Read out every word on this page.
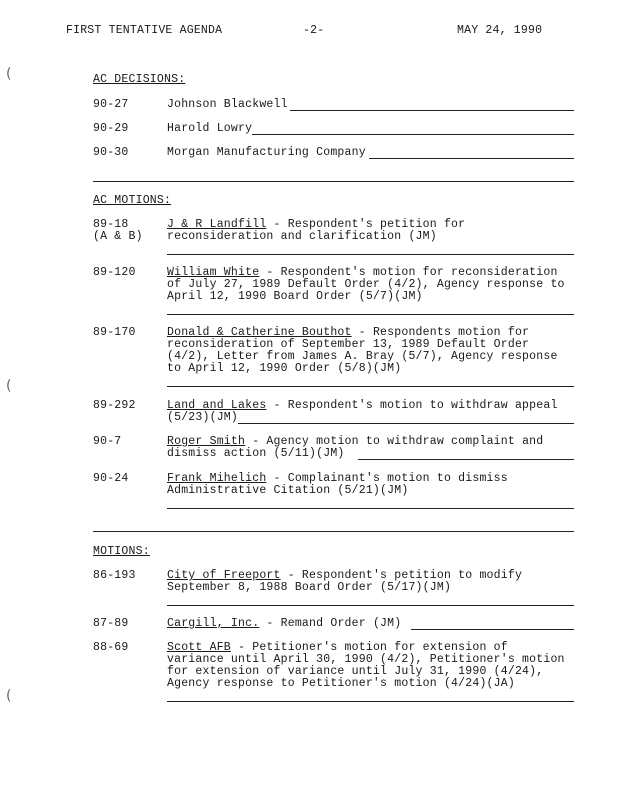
FIRST TENTATIVE AGENDA	-2-	MAY 24, 1990
(
(
(
AC DECISIONS:
90-27	Johnson Blackwell
90-29	Harold Lowry
90-30	Morgan Manufacturing Company
AC MOTIONS:
89-18
(A & B)
J & R Landfill - Respondent's petition for
reconsideration and clarification (JM)
89-120	William White - Respondent's motion for reconsideration
of July 27, 1989 Default Order (4/2), Agency response to
April 12, 1990 Board Order (5/7)(JM)
89-170	Donald & Catherine Bouthot - Respondents motion for
reconsideration of September 13, 1989 Default Order
(4/2), Letter from James A. Bray (5/7), Agency response
to April 12, 1990 Order (5/8)(JM)
89-292	Land and Lakes - Respondent's motion to withdraw appeal
(5/23)(JM)
90-7	Roger Smith - Agency motion to withdraw complaint and
dismiss action (5/11)(JM)
90-24	Frank Mihelich - Complainant's motion to dismiss
Administrative Citation (5/21)(JM)
MOTIONS:
86-193	City of Freeport - Respondent's petition to modify
September 8, 1988 Board Order (5/17)(JM)
87-89	Cargill, Inc. - Remand Order (JM)
88-69	Scott AFB - Petitioner's motion for extension of
variance until April 30, 1990 (4/2), Petitioner's motion
for extension of variance until July 31, 1990 (4/24),
Agency response to Petitioner's motion (4/24)(JA)
